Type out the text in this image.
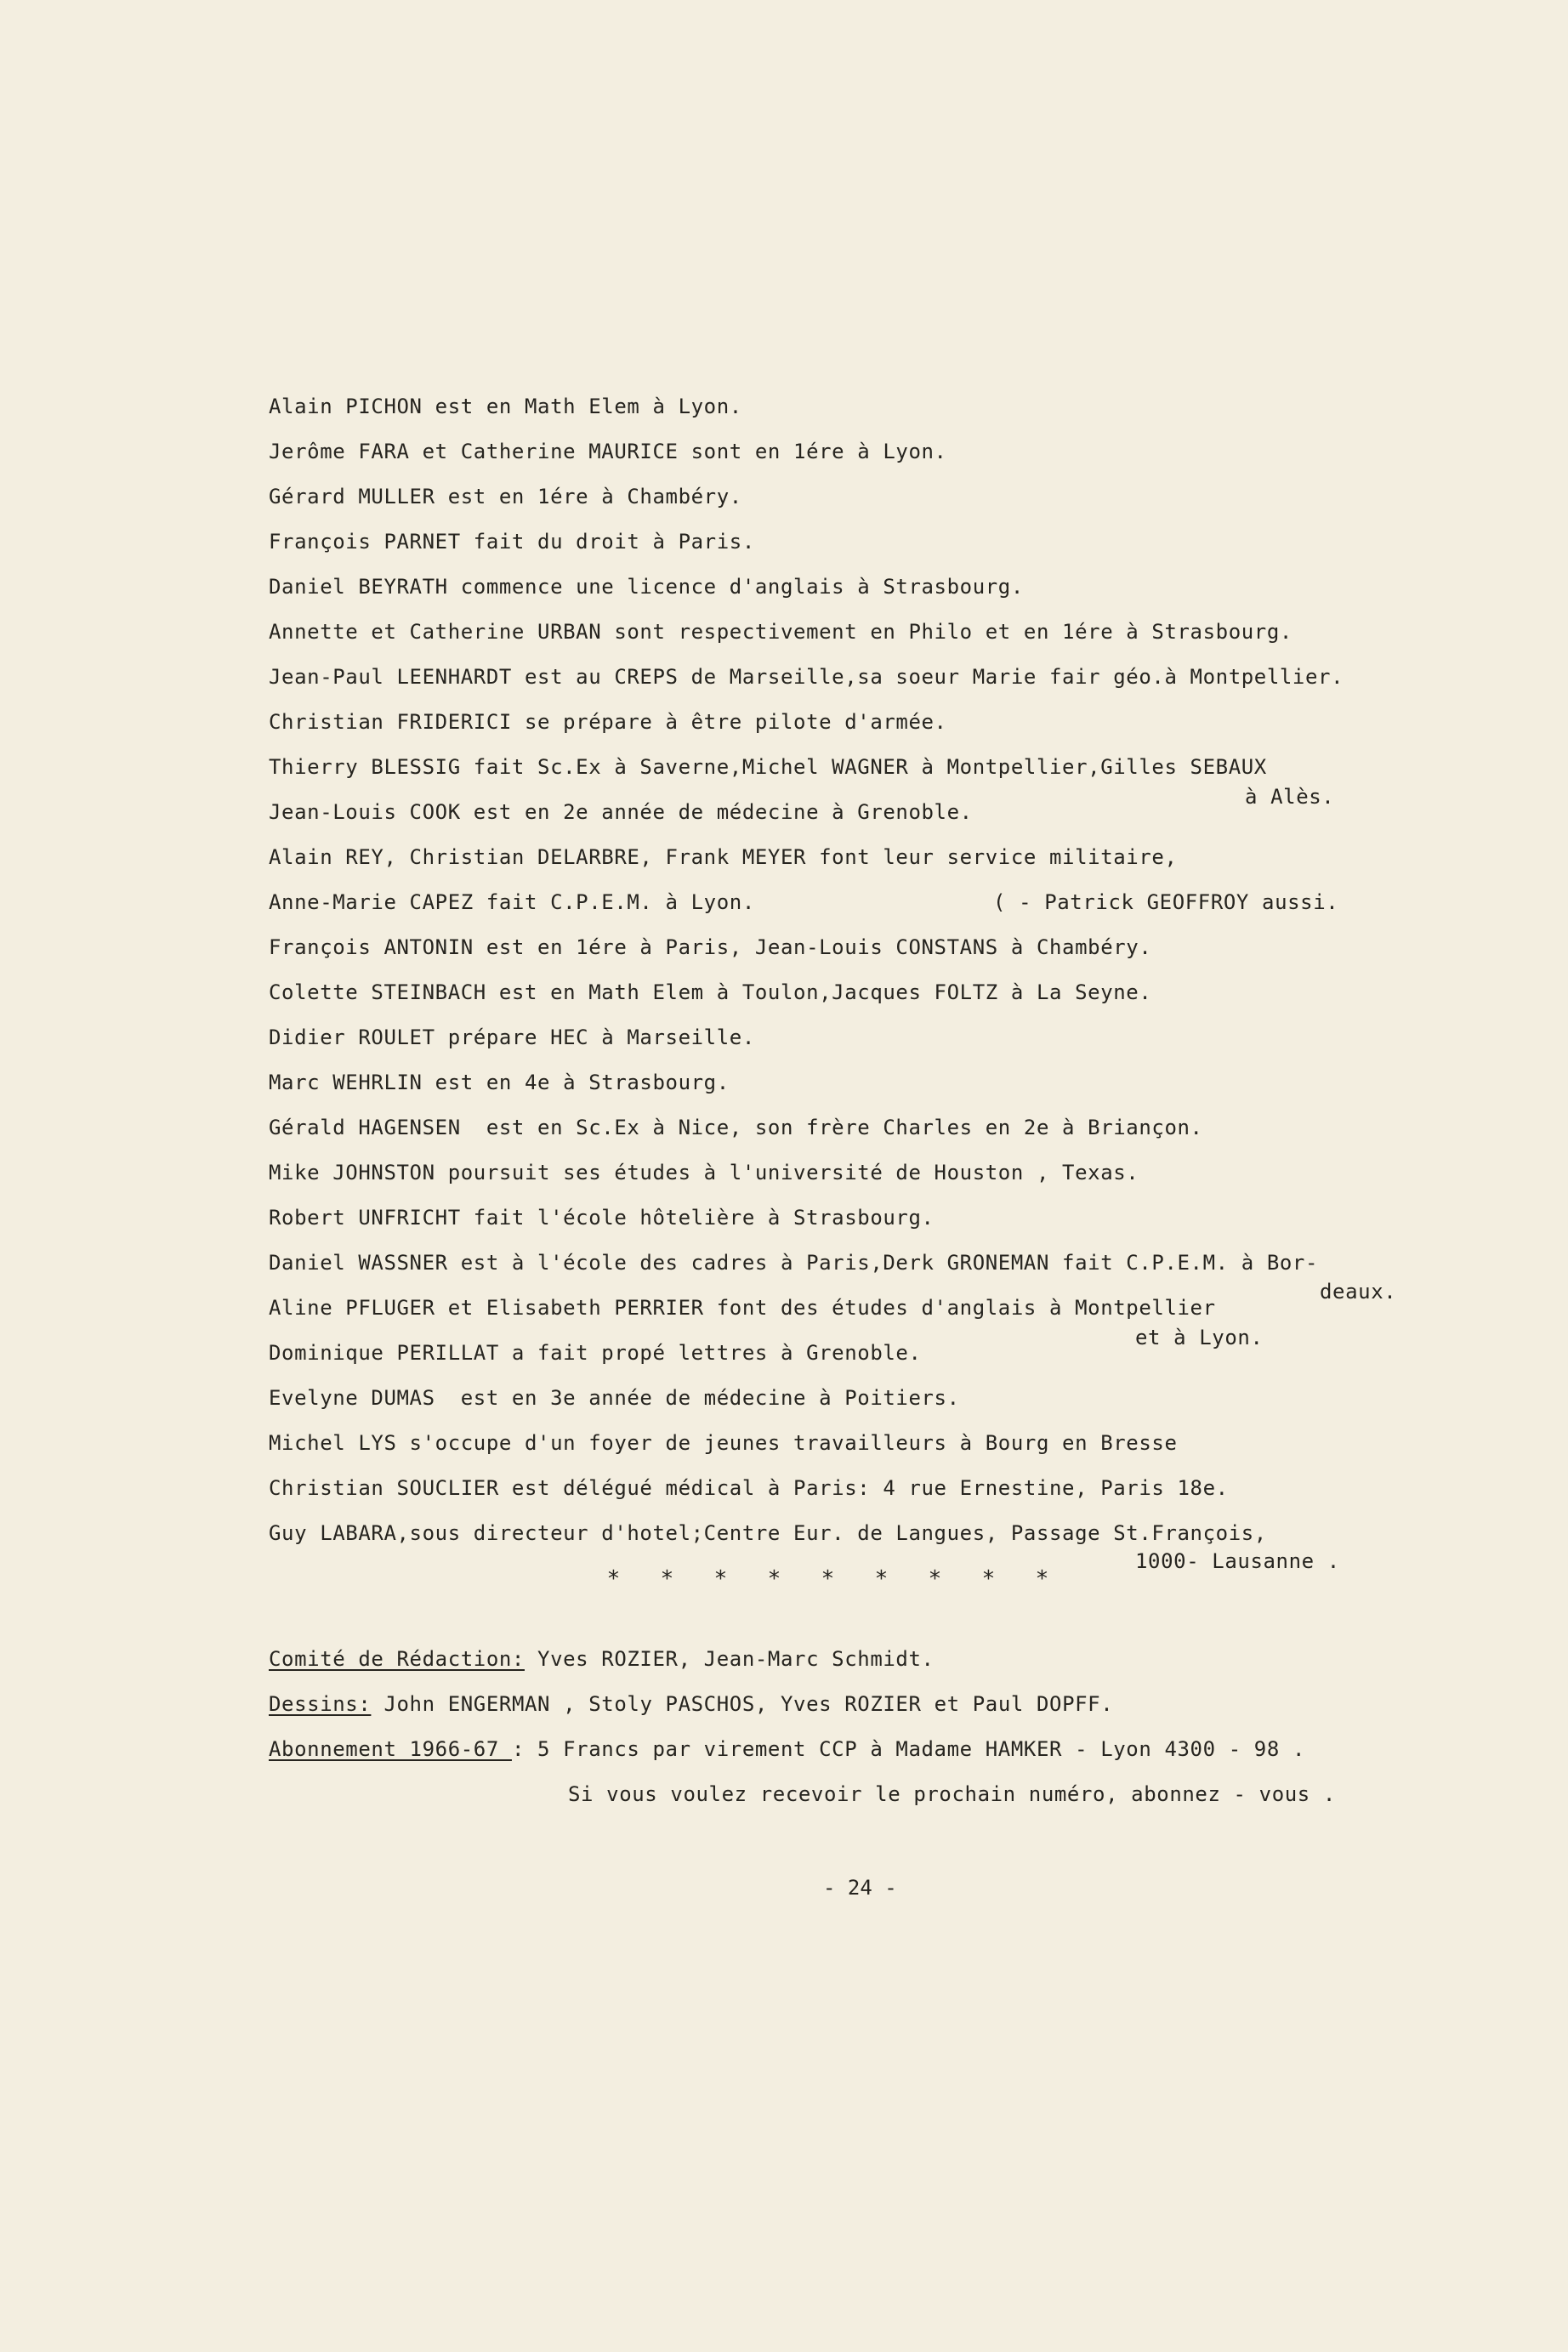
Alain PICHON est en Math Elem à Lyon.
Jerôme FARA et Catherine MAURICE sont en 1ére à Lyon.
Gérard MULLER est en 1ére à Chambéry.
François PARNET fait du droit à Paris.
Daniel BEYRATH commence une licence d'anglais à Strasbourg.
Annette et Catherine URBAN sont respectivement en Philo et en 1ére à Strasbourg.
Jean-Paul LEENHARDT est au CREPS de Marseille,sa soeur Marie fair géo.à Montpellier.
Christian FRIDERICI se prépare à être pilote d'armée.
Thierry BLESSIG fait Sc.Ex à Saverne,Michel WAGNER à Montpellier,Gilles SEBAUX
à Alès.
Jean-Louis COOK est en 2e année de médecine à Grenoble.
Alain REY, Christian DELARBRE, Frank MEYER font leur service militaire,
Anne-Marie CAPEZ fait C.P.E.M. à Lyon.	( - Patrick GEOFFROY aussi.
François ANTONIN est en 1ére à Paris, Jean-Louis CONSTANS à Chambéry.
Colette STEINBACH est en Math Elem à Toulon,Jacques FOLTZ à La Seyne.
Didier ROULET prépare HEC à Marseille.
Marc WEHRLIN est en 4e à Strasbourg.
Gérald HAGENSEN  est en Sc.Ex à Nice, son frère Charles en 2e à Briançon.
Mike JOHNSTON poursuit ses études à l'université de Houston , Texas.
Robert UNFRICHT fait l'école hôtelière à Strasbourg.
Daniel WASSNER est à l'école des cadres à Paris,Derk GRONEMAN fait C.P.E.M. à Bor-
deaux.
Aline PFLUGER et Elisabeth PERRIER font des études d'anglais à Montpellier
et à Lyon.
Dominique PERILLAT a fait propé lettres à Grenoble.
Evelyne DUMAS  est en 3e année de médecine à Poitiers.
Michel LYS s'occupe d'un foyer de jeunes travailleurs à Bourg en Bresse
Christian SOUCLIER est délégué médical à Paris: 4 rue Ernestine, Paris 18e.
Guy LABARA,sous directeur d'hotel;Centre Eur. de Langues, Passage St.François,
1000- Lausanne .
* * * * * * * * *
Comité de Rédaction: Yves ROZIER, Jean-Marc Schmidt.
Dessins: John ENGERMAN , Stoly PASCHOS, Yves ROZIER et Paul DOPFF.
Abonnement 1966-67 : 5 Francs par virement CCP à Madame HAMKER - Lyon 4300 - 98 .
Si vous voulez recevoir le prochain numéro, abonnez - vous .
- 24 -
